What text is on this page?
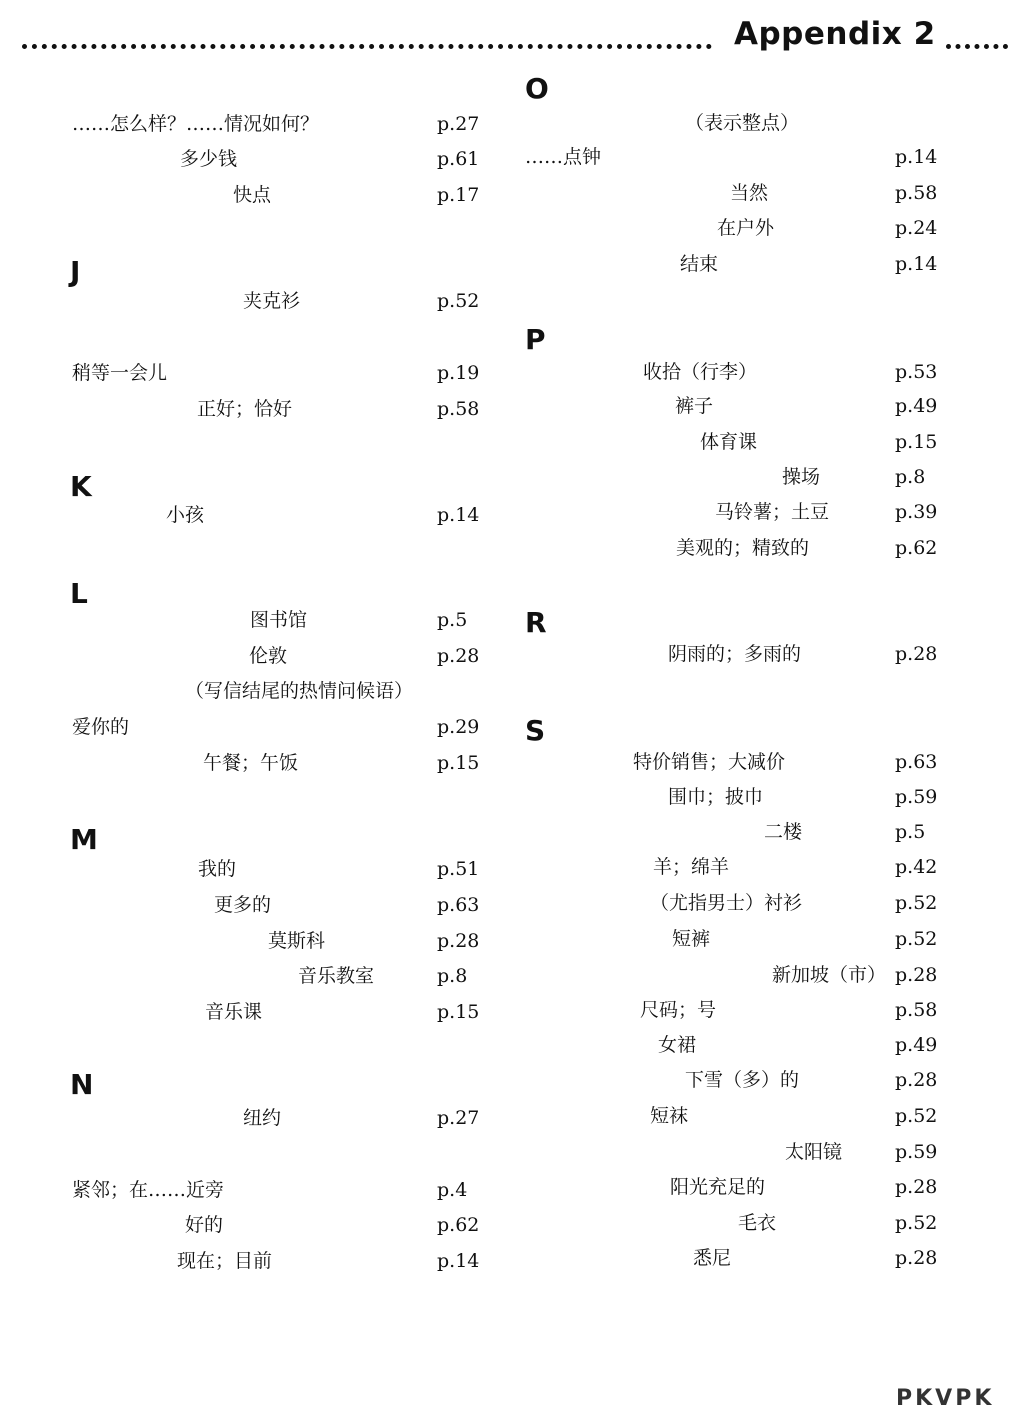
Appendix 2
……怎么样？……情况如何？	p.27
多少钱	p.61
快点	p.17
J
夹克衫	p.52
稍等一会儿	p.19
正好；恰好	p.58
K
小孩	p.14
L
图书馆	p.5
伦敦	p.28
（写信结尾的热情问候语）
爱你的	p.29
午餐；午饭	p.15
M
我的	p.51
更多的	p.63
莫斯科	p.28
音乐教室	p.8
音乐课	p.15
N
纽约	p.27
紧邻；在……近旁	p.4
好的	p.62
现在；目前	p.14
O
（表示整点）
……点钟	p.14
当然	p.58
在户外	p.24
结束	p.14
P
收拾（行李）	p.53
裤子	p.49
体育课	p.15
操场	p.8
马铃薯；土豆	p.39
美观的；精致的	p.62
R
阴雨的；多雨的	p.28
S
特价销售；大减价	p.63
围巾；披巾	p.59
二楼	p.5
羊；绵羊	p.42
（尤指男士）衬衫	p.52
短裤	p.52
新加坡（市） p.28
尺码；号	p.58
女裙	p.49
下雪（多）的	p.28
短袜	p.52
太阳镜	p.59
阳光充足的	p.28
毛衣	p.52
悉尼	p.28
PKVPK
